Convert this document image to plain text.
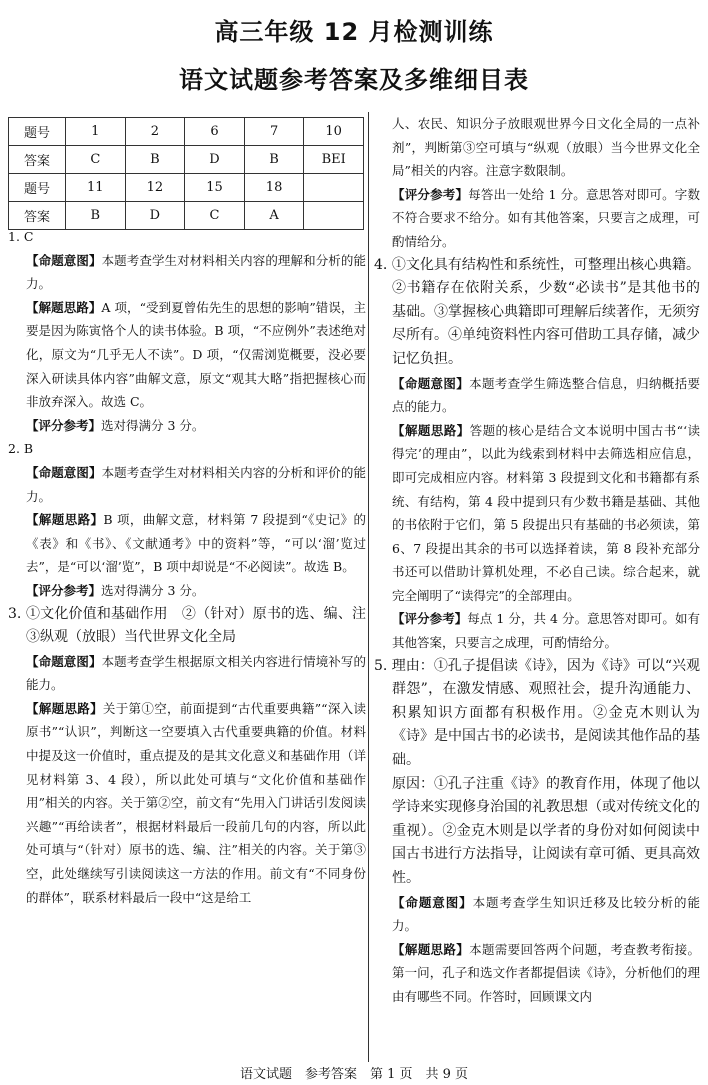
高三年级 12 月检测训练
语文试题参考答案及多维细目表
题号	1	2	6	7	10
答案	C	B	D	B	BEI
题号	11	12	15	18	
答案	B	D	C	A	

1. C

【命题意图】本题考查学生对材料相关内容的理解和分析的能力。

【解题思路】A 项，“受到夏曾佑先生的思想的影响”错误，主要是因为陈寅恪个人的读书体验。B 项，“不应例外”表述绝对化，原文为“几乎无人不读”。D 项，“仅需浏览概要，没必要深入研读具体内容”曲解文意，原文“观其大略”指把握核心而非放弃深入。故选 C。

【评分参考】选对得满分 3 分。

2. B

【命题意图】本题考查学生对材料相关内容的分析和评价的能力。

【解题思路】B 项，曲解文意，材料第 7 段提到“《史记》的《表》和《书》、《文献通考》中的资料”等，“可以‘溜’览过去”，是“可以‘溜’览”，B 项中却说是“不必阅读”。故选 B。

【评分参考】选对得满分 3 分。

3. ①文化价值和基础作用　②（针对）原书的选、编、注　③纵观（放眼）当代世界文化全局

【命题意图】本题考查学生根据原文相关内容进行情境补写的能力。

【解题思路】关于第①空，前面提到“古代重要典籍”“深入读原书”“认识”，判断这一空要填入古代重要典籍的价值。材料中提及这一价值时，重点提及的是其文化意义和基础作用（详见材料第 3、4 段），所以此处可填与“文化价值和基础作用”相关的内容。关于第②空，前文有“先用入门讲话引发阅读兴趣”“再给读者”，根据材料最后一段前几句的内容，所以此处可填与“（针对）原书的选、编、注”相关的内容。关于第③空，此处继续写引读阅读这一方法的作用。前文有“不同身份的群体”，联系材料最后一段中“这是给工

人、农民、知识分子放眼观世界今日文化全局的一点补剂”，判断第③空可填与“纵观（放眼）当今世界文化全局”相关的内容。注意字数限制。

【评分参考】每答出一处给 1 分。意思答对即可。字数不符合要求不给分。如有其他答案，只要言之成理，可酌情给分。

4. ①文化具有结构性和系统性，可整理出核心典籍。②书籍存在依附关系，少数“必读书”是其他书的基础。③掌握核心典籍即可理解后续著作，无须穷尽所有。④单纯资料性内容可借助工具存储，减少记忆负担。

【命题意图】本题考查学生筛选整合信息，归纳概括要点的能力。

【解题思路】答题的核心是结合文本说明中国古书“‘读得完’的理由”，以此为线索到材料中去筛选相应信息，即可完成相应内容。材料第 3 段提到文化和书籍都有系统、有结构，第 4 段中提到只有少数书籍是基础、其他的书依附于它们，第 5 段提出只有基础的书必须读，第 6、7 段提出其余的书可以选择着读，第 8 段补充部分书还可以借助计算机处理，不必自己读。综合起来，就完全阐明了“读得完”的全部理由。

【评分参考】每点 1 分，共 4 分。意思答对即可。如有其他答案，只要言之成理，可酌情给分。

5. 理由：①孔子提倡读《诗》，因为《诗》可以“兴观群怨”，在激发情感、观照社会，提升沟通能力、积累知识方面都有积极作用。②金克木则认为《诗》是中国古书的必读书，是阅读其他作品的基础。

原因：①孔子注重《诗》的教育作用，体现了他以学诗来实现修身治国的礼教思想（或对传统文化的重视）。②金克木则是以学者的身份对如何阅读中国古书进行方法指导，让阅读有章可循、更具高效性。

【命题意图】本题考查学生知识迁移及比较分析的能力。

【解题思路】本题需要回答两个问题，考查教考衔接。第一问，孔子和选文作者都提倡读《诗》，分析他们的理由有哪些不同。作答时，回顾课文内

语文试题　参考答案　第 1 页　共 9 页
